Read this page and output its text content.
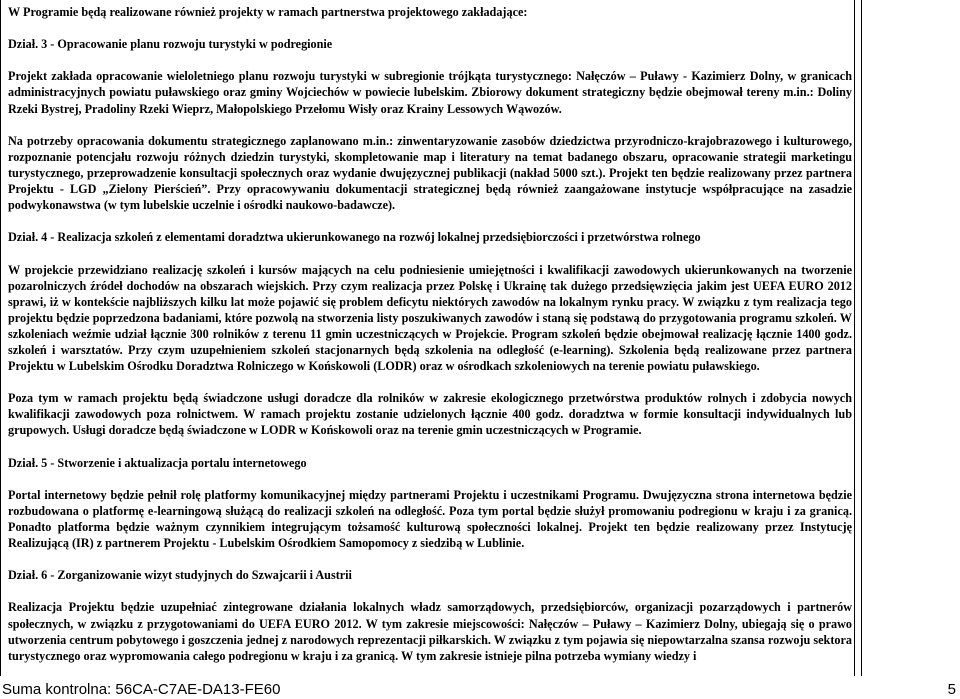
W Programie będą realizowane również projekty w ramach partnerstwa projektowego zakładające:

Dział. 3 - Opracowanie planu rozwoju turystyki w podregionie

Projekt zakłada opracowanie wieloletniego planu rozwoju turystyki w subregionie trójkąta turystycznego: Nałęczów – Puławy - Kazimierz Dolny, w granicach administracyjnych powiatu puławskiego oraz gminy Wojciechów w powiecie lubelskim. Zbiorowy dokument strategiczny będzie obejmował tereny m.in.: Doliny Rzeki Bystrej, Pradoliny Rzeki Wieprz, Małopolskiego Przełomu Wisły oraz Krainy Lessowych Wąwozów.

Na potrzeby opracowania dokumentu strategicznego zaplanowano m.in.: zinwentaryzowanie zasobów dziedzictwa przyrodniczo-krajobrazowego i kulturowego, rozpoznanie potencjału rozwoju różnych dziedzin turystyki, skompletowanie map i literatury na temat badanego obszaru, opracowanie strategii marketingu turystycznego, przeprowadzenie konsultacji społecznych oraz wydanie dwujęzycznej publikacji (nakład 5000 szt.). Projekt ten będzie realizowany przez partnera Projektu - LGD „Zielony Pierścień”. Przy opracowywaniu dokumentacji strategicznej będą również zaangażowane instytucje współpracujące na zasadzie podwykonawstwa (w tym lubelskie uczelnie i ośrodki naukowo-badawcze).

Dział. 4 - Realizacja szkoleń z elementami doradztwa ukierunkowanego na rozwój lokalnej przedsiębiorczości i przetwórstwa rolnego

W projekcie przewidziano realizację szkoleń i kursów mających na celu podniesienie umiejętności i kwalifikacji zawodowych ukierunkowanych na tworzenie pozarolniczych źródeł dochodów na obszarach wiejskich. Przy czym realizacja przez Polskę i Ukrainę tak dużego przedsięwzięcia jakim jest UEFA EURO 2012 sprawi, iż w kontekście najbliższych kilku lat może pojawić się problem deficytu niektórych zawodów na lokalnym rynku pracy. W związku z tym realizacja tego projektu będzie poprzedzona badaniami, które pozwolą na stworzenia listy poszukiwanych zawodów i staną się podstawą do przygotowania programu szkoleń. W szkoleniach weźmie udział łącznie 300 rolników z terenu 11 gmin uczestniczących w Projekcie. Program szkoleń będzie obejmował realizację łącznie 1400 godz. szkoleń i warsztatów. Przy czym uzupełnieniem szkoleń stacjonarnych będą szkolenia na odległość (e-learning). Szkolenia będą realizowane przez partnera Projektu w Lubelskim Ośrodku Doradztwa Rolniczego w Końskowoli (LODR) oraz w ośrodkach szkoleniowych na terenie powiatu puławskiego.

Poza tym w ramach projektu będą świadczone usługi doradcze dla rolników w zakresie ekologicznego przetwórstwa produktów rolnych i zdobycia nowych kwalifikacji zawodowych poza rolnictwem. W ramach projektu zostanie udzielonych łącznie 400 godz. doradztwa w formie konsultacji indywidualnych lub grupowych. Usługi doradcze będą świadczone w LODR w Końskowoli oraz na terenie gmin uczestniczących w Programie.

Dział. 5 - Stworzenie i aktualizacja portalu internetowego

Portal internetowy będzie pełnił rolę platformy komunikacyjnej między partnerami Projektu i uczestnikami Programu. Dwujęzyczna strona internetowa będzie rozbudowana o platformę e-learningową służącą do realizacji szkoleń na odległość. Poza tym portal będzie służył promowaniu podregionu w kraju i za granicą. Ponadto platforma będzie ważnym czynnikiem integrującym tożsamość kulturową społeczności lokalnej. Projekt ten będzie realizowany przez Instytucję Realizującą (IR) z partnerem Projektu - Lubelskim Ośrodkiem Samopomocy z siedzibą w Lublinie.

Dział. 6 - Zorganizowanie wizyt studyjnych do Szwajcarii i Austrii

Realizacja Projektu będzie uzupełniać zintegrowane działania lokalnych władz samorządowych, przedsiębiorców, organizacji pozarządowych i partnerów społecznych, w związku z przygotowaniami do UEFA EURO 2012. W tym zakresie miejscowości: Nałęczów – Puławy – Kazimierz Dolny, ubiegają się o prawo utworzenia centrum pobytowego i goszczenia jednej z narodowych reprezentacji piłkarskich. W związku z tym pojawia się niepowtarzalna szansa rozwoju sektora turystycznego oraz wypromowania całego podregionu w kraju i za granicą. W tym zakresie istnieje pilna potrzeba wymiany wiedzy i

Suma kontrolna: 56CA-C7AE-DA13-FE60	5
